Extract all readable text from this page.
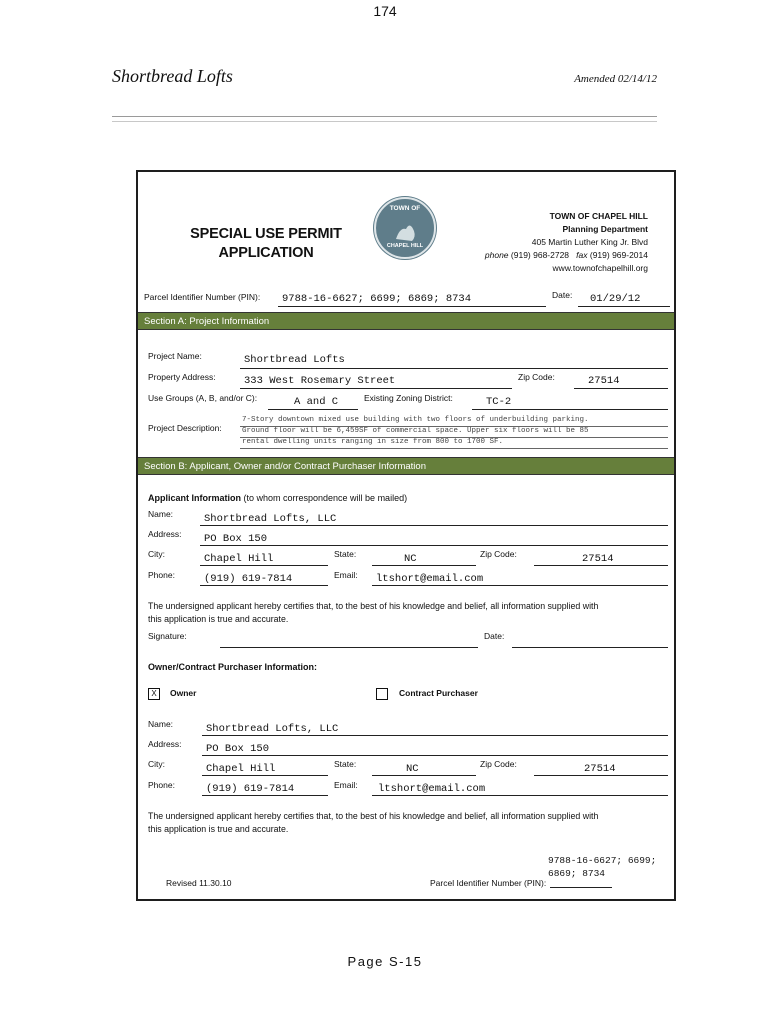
174
Shortbread Lofts	Amended 02/14/12
SPECIAL USE PERMIT
APPLICATION
TOWN OF
CHAPEL HILL
TOWN OF CHAPEL HILL
Planning Department
405 Martin Luther King Jr. Blvd
phone (919) 968-2728 fax (919) 969-2014
www.townofchapelhill.org
Parcel Identifier Number (PIN): 9788-16-6627; 6699; 6869; 8734	Date: 01/29/12
Section A: Project Information
Project Name:	Shortbread Lofts
Property Address:	333 West Rosemary Street	Zip Code:	27514
Use Groups (A, B, and/or C):	A and C	Existing Zoning District:	TC-2
Project Description:
7-Story downtown mixed use building with two floors of underbuilding parking.
Ground floor will be 6,459SF of commercial space. Upper six floors will be 85
rental dwelling units ranging in size from 800 to 1700 SF.
Section B: Applicant, Owner and/or Contract Purchaser Information
Applicant Information (to whom correspondence will be mailed)
Name:	Shortbread Lofts, LLC
Address: PO Box 150
City:	Chapel Hill	State:	NC	Zip Code:	27514
Phone:	(919) 619-7814	Email: ltshort@email.com
The undersigned applicant hereby certifies that, to the best of his knowledge and belief, all information supplied with
this application is true and accurate.
Signature:	Date:
Owner/Contract Purchaser Information:
X	Owner	Contract Purchaser
Name:	Shortbread Lofts, LLC
Address: PO Box 150
City:	Chapel Hill	State:	NC	Zip Code:	27514
Phone:	(919) 619-7814	Email: ltshort@email.com
The undersigned applicant hereby certifies that, to the best of his knowledge and belief, all information supplied with
this application is true and accurate.
9788-16-6627; 6699;
6869; 8734
Revised 11.30.10	Parcel Identifier Number (PIN):
Page S-15
